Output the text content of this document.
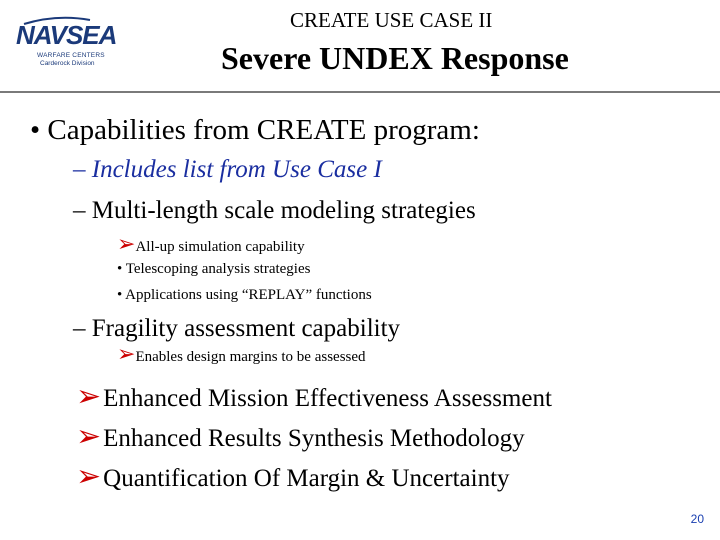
NAVSEA
WARFARE CENTERS
Carderock Division
CREATE USE CASE II
Severe UNDEX Response
• Capabilities from CREATE program:
– Includes list from Use Case I
– Multi-length scale modeling strategies
➢All-up simulation capability
• Telescoping analysis strategies
• Applications using “REPLAY” functions
– Fragility assessment capability
➢Enables design margins to be assessed
➢Enhanced Mission Effectiveness Assessment
➢Enhanced Results Synthesis Methodology
➢Quantification Of Margin & Uncertainty
20
